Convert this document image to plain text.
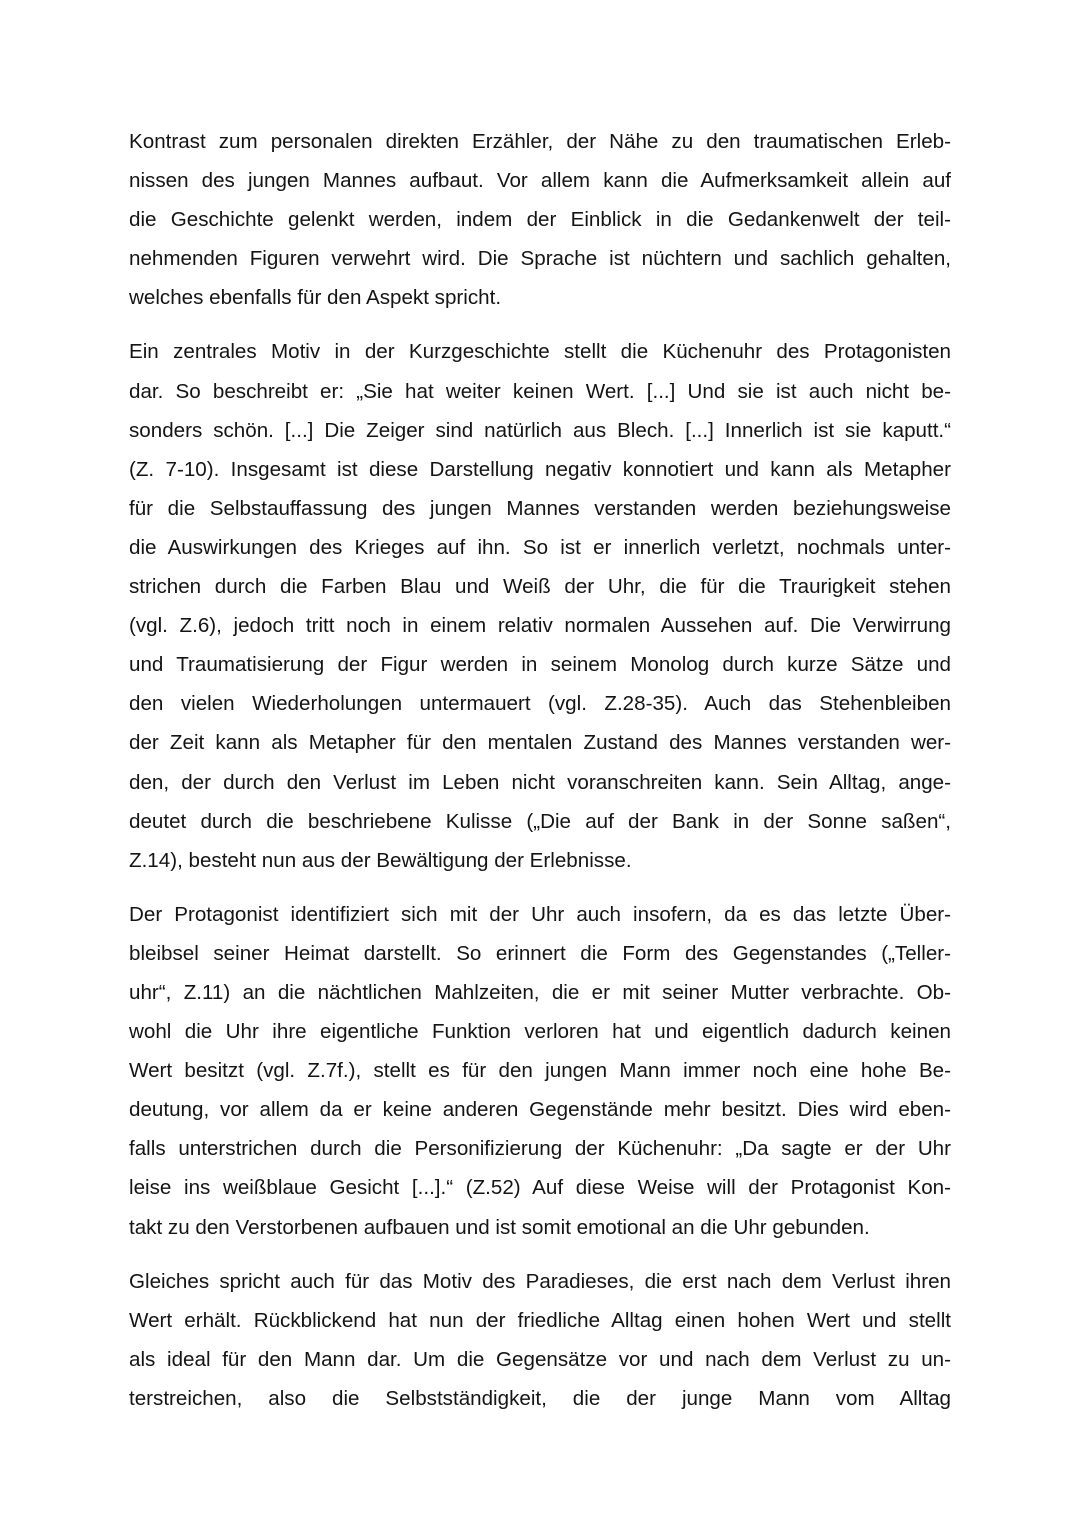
Kontrast zum personalen direkten Erzähler, der Nähe zu den traumatischen Erleb-
nissen des jungen Mannes aufbaut. Vor allem kann die Aufmerksamkeit allein auf
die Geschichte gelenkt werden, indem der Einblick in die Gedankenwelt der teil-
nehmenden Figuren verwehrt wird. Die Sprache ist nüchtern und sachlich gehalten,
welches ebenfalls für den Aspekt spricht.

Ein zentrales Motiv in der Kurzgeschichte stellt die Küchenuhr des Protagonisten
dar. So beschreibt er: „Sie hat weiter keinen Wert. [...] Und sie ist auch nicht be-
sonders schön. [...] Die Zeiger sind natürlich aus Blech. [...] Innerlich ist sie kaputt.“
(Z. 7-10). Insgesamt ist diese Darstellung negativ konnotiert und kann als Metapher
für die Selbstauffassung des jungen Mannes verstanden werden beziehungsweise
die Auswirkungen des Krieges auf ihn. So ist er innerlich verletzt, nochmals unter-
strichen durch die Farben Blau und Weiß der Uhr, die für die Traurigkeit stehen
(vgl. Z.6), jedoch tritt noch in einem relativ normalen Aussehen auf. Die Verwirrung
und Traumatisierung der Figur werden in seinem Monolog durch kurze Sätze und
den vielen Wiederholungen untermauert (vgl. Z.28-35). Auch das Stehenbleiben
der Zeit kann als Metapher für den mentalen Zustand des Mannes verstanden wer-
den, der durch den Verlust im Leben nicht voranschreiten kann. Sein Alltag, ange-
deutet durch die beschriebene Kulisse („Die auf der Bank in der Sonne saßen“,
Z.14), besteht nun aus der Bewältigung der Erlebnisse.

Der Protagonist identifiziert sich mit der Uhr auch insofern, da es das letzte Über-
bleibsel seiner Heimat darstellt. So erinnert die Form des Gegenstandes („Teller-
uhr“, Z.11) an die nächtlichen Mahlzeiten, die er mit seiner Mutter verbrachte. Ob-
wohl die Uhr ihre eigentliche Funktion verloren hat und eigentlich dadurch keinen
Wert besitzt (vgl. Z.7f.), stellt es für den jungen Mann immer noch eine hohe Be-
deutung, vor allem da er keine anderen Gegenstände mehr besitzt. Dies wird eben-
falls unterstrichen durch die Personifizierung der Küchenuhr: „Da sagte er der Uhr
leise ins weißblaue Gesicht [...].“ (Z.52) Auf diese Weise will der Protagonist Kon-
takt zu den Verstorbenen aufbauen und ist somit emotional an die Uhr gebunden.

Gleiches spricht auch für das Motiv des Paradieses, die erst nach dem Verlust ihren
Wert erhält. Rückblickend hat nun der friedliche Alltag einen hohen Wert und stellt
als ideal für den Mann dar. Um die Gegensätze vor und nach dem Verlust zu un-
terstreichen, also die Selbstständigkeit, die der junge Mann vom Alltag
